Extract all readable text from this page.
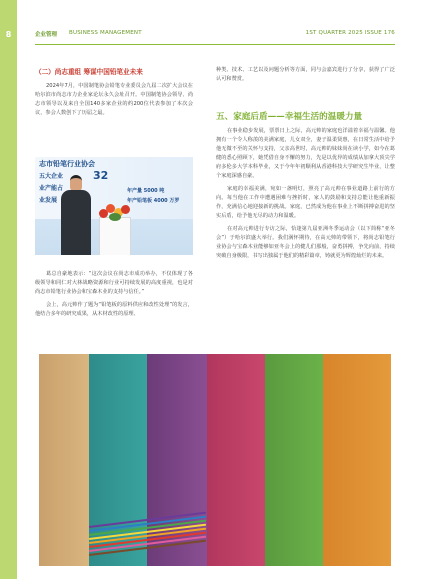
8	企业管理 BUSINESS MANAGEMENT	1ST QUARTER 2025 ISSUE 176
（二）尚志重组 筹谋中国铅笔业未来

2024年7月，中国制笔协会铅笔专业委员会九届二次扩大会议在哈尔滨市尚志市力企业家论坛永久会址召开。中国制笔协会领导、尚志市领导以及来自全国140多家企业的约200位代表参加了本次会议，参会人数创下了历届之最。

志市铅笔行业协会
五大企业
业产能占
32
业发展
年产量 5000 吨
年产铅笔板 4000 万罗

葛总自豪地表示：“这次会议在尚志市成功举办，不仅体现了各级领导和同仁对大林战略资源和行业可持续发展的高度重视，也是对尚志市铅笔行业协会和宝森木业的支持与信任。”

会上，高元帅作了题为“铅笔板的原料供应和改性处理”的发言，他结合多年的研究成果，从木材改性的原理、

种类、技术、工艺以及问题分析等方面，同与会嘉宾进行了分享，获得了广泛认可和赞赏。

五、家庭后盾——幸福生活的温暖力量

在事业稳步发展，票票日上之际，高元帅的家庭也洋溢着幸福与温馨。他拥有一个令人称羡的美满家庭，儿女双全，妻子温柔贤惠，在日常生活中给予他无微不至的关怀与支持，父亲高世时，高元帅的妹妹尚在读小学，如今在葛健的悉心照顾下，她凭借自身不懈的努力，先是以优异的成绩从加拿大顶尖学府多伦多大学本科毕业，又于今年年初顺利从香港科技大学研究生毕业，让整个家庭深感自豪。

家庭的幸福美满，宛如一盏明灯，照亮了高元帅在事业道路上前行的方向。每当他在工作中遭遇困难与挫折时，家人的鼓励和支持总能让他重新振作，充满信心地迎接新的挑战。家庭，已然成为他在事业上不断拼搏奋进的坚实后盾，给予他无尽的动力和温暖。

在对高元帅进行专访之际，恰逢第九届亚洲冬季运动会（以下简称“亚冬会”）于哈尔滨盛大举行。我们满怀期待，在高元帅的带领下，将尚志铅笔行业协会与宝森木业能够如亚冬会上的健儿们那般，奋勇拼搏，争先向前，持续突破自身极限，书写出独属于他们的精彩篇章，铸就更为辉煌灿烂的未来。
